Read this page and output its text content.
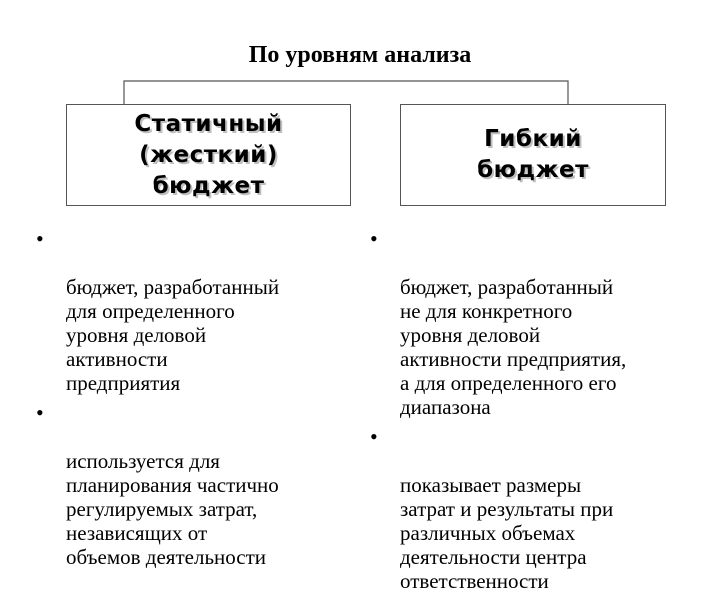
По уровням анализа
Статичный
(жесткий)
бюджет
Гибкий
бюджет

•

бюджет, разработанный
для определенного
уровня деловой
активности
предприятия

•

используется для
планирования частично
регулируемых затрат,
независящих от
объемов деятельности

•

бюджет, разработанный
не для конкретного
уровня деловой
активности предприятия,
а для определенного его
диапазона

•

показывает размеры
затрат и результаты при
различных объемах
деятельности центра
ответственности
